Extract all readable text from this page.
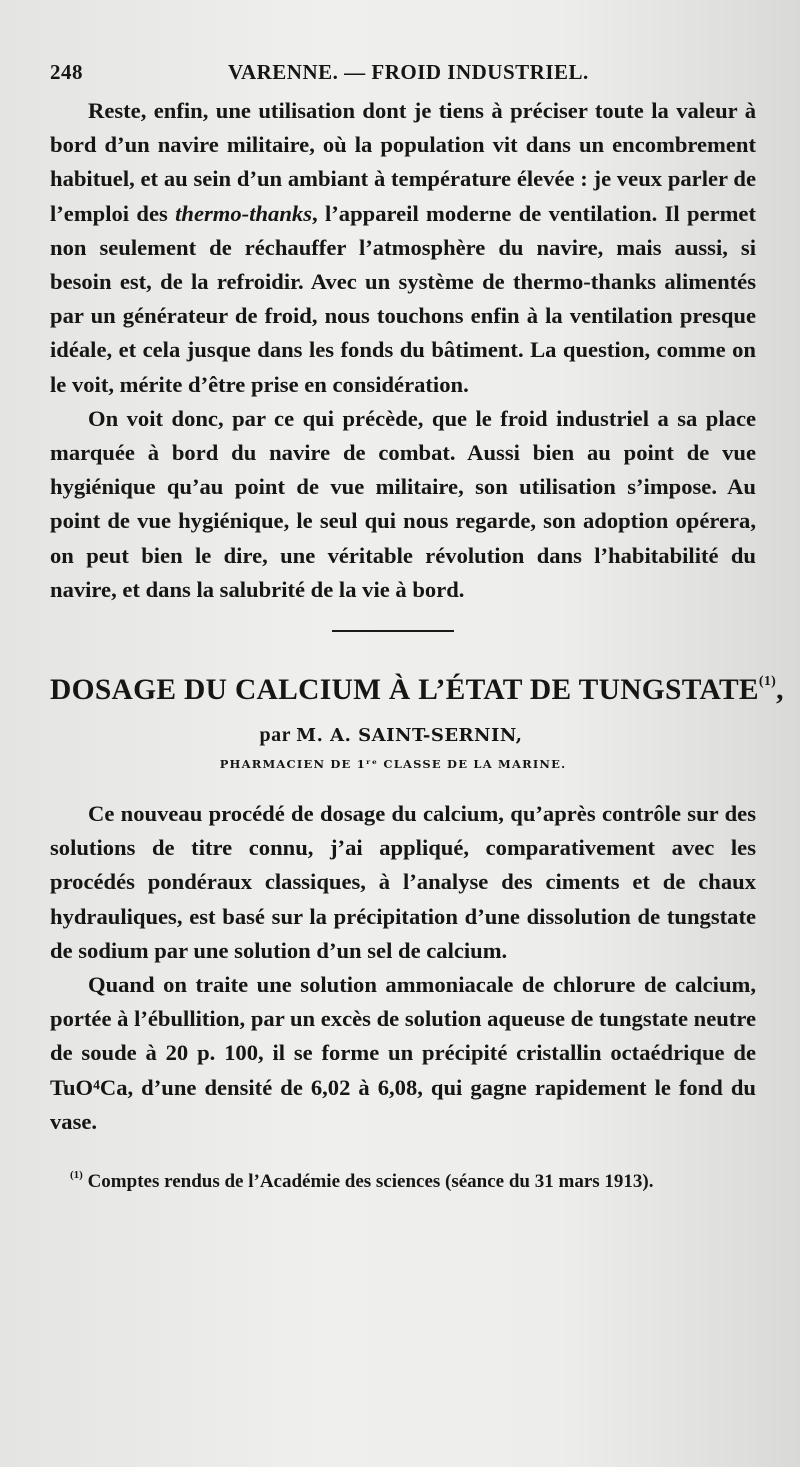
248	VARENNE. — FROID INDUSTRIEL.

Reste, enfin, une utilisation dont je tiens à préciser toute la valeur à bord d’un navire militaire, où la population vit dans un encombrement habituel, et au sein d’un ambiant à température élevée : je veux parler de l’emploi des thermo-thanks, l’appareil moderne de ventilation. Il permet non seulement de réchauffer l’atmosphère du navire, mais aussi, si besoin est, de la refroidir. Avec un système de thermo-thanks alimentés par un générateur de froid, nous touchons enfin à la ventilation presque idéale, et cela jusque dans les fonds du bâtiment. La question, comme on le voit, mérite d’être prise en considération.

On voit donc, par ce qui précède, que le froid industriel a sa place marquée à bord du navire de combat. Aussi bien au point de vue hygiénique qu’au point de vue militaire, son utilisation s’impose. Au point de vue hygiénique, le seul qui nous regarde, son adoption opérera, on peut bien le dire, une véritable révolution dans l’habitabilité du navire, et dans la salubrité de la vie à bord.

DOSAGE DU CALCIUM À L’ÉTAT DE TUNGSTATE$^{(1)}$,
par M. A. SAINT-SERNIN,
PHARMACIEN DE 1ʳᵉ CLASSE DE LA MARINE.

Ce nouveau procédé de dosage du calcium, qu’après contrôle sur des solutions de titre connu, j’ai appliqué, comparativement avec les procédés pondéraux classiques, à l’analyse des ciments et de chaux hydrauliques, est basé sur la précipitation d’une dissolution de tungstate de sodium par une solution d’un sel de calcium.

Quand on traite une solution ammoniacale de chlorure de calcium, portée à l’ébullition, par un excès de solution aqueuse de tungstate neutre de soude à 20 p. 100, il se forme un précipité cristallin octaédrique de TuO⁴Ca, d’une densité de 6,02 à 6,08, qui gagne rapidement le fond du vase.

$^{(1)}$ Comptes rendus de l’Académie des sciences (séance du 31 mars 1913).
